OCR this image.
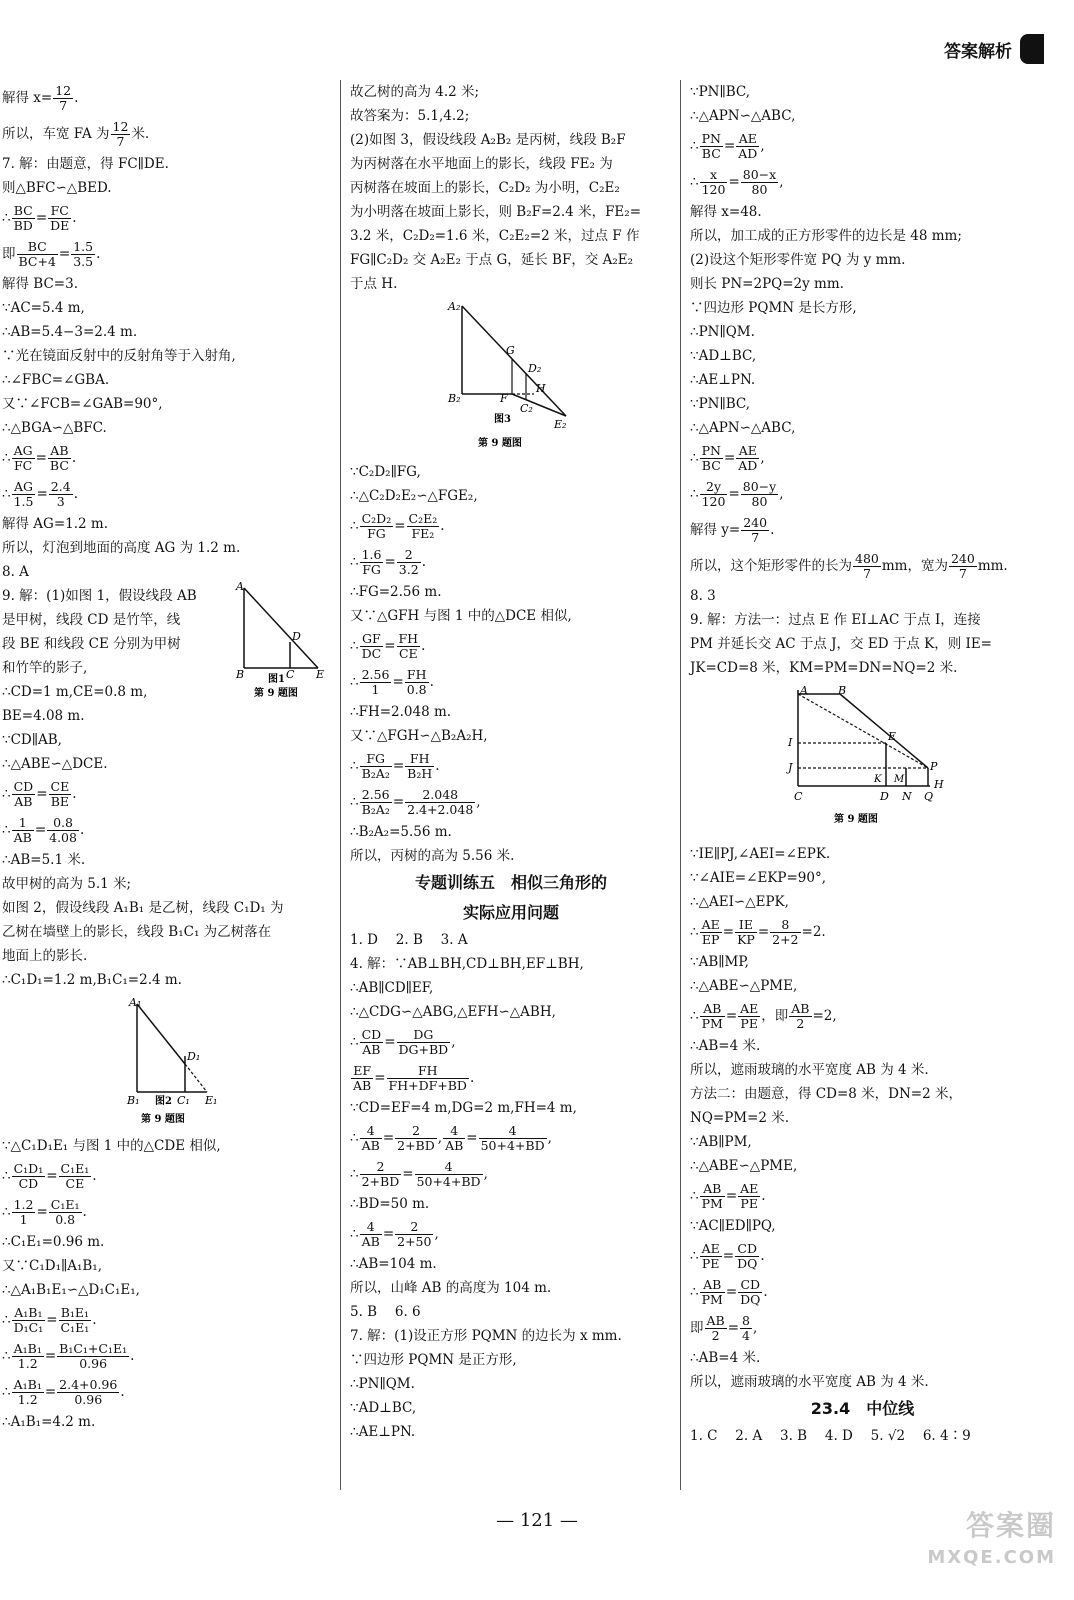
答案解析
解得 $x= \frac{12}{7}$ .
所以，车宽 FA 为 $\frac{12}{7}$ 米.
7. 解：由题意，得 FC∥DE.
则△BFC∽△BED.
∴ $\frac{BC}{BD} = \frac{FC}{DE}$ .
即 $\frac{BC}{BC+4} = \frac{1.5}{3.5}$ .
解得 BC=3.
∵AC=5.4 m,
∴AB=5.4−3=2.4 m.
∵光在镜面反射中的反射角等于入射角,
∴∠FBC=∠GBA.
又∵∠FCB=∠GAB=90°,
∴△BGA∽△BFC.
∴ $\frac{AG}{FC} = \frac{AB}{BC}$ .
∴ $\frac{AG}{1.5} = \frac{2.4}{3}$ .
解得 AG=1.2 m.
所以，灯泡到地面的高度 AG 为 1.2 m.
8. A
A
B	C
D
E
图1
第 9 题图
9. 解：(1)如图 1，假设线段 AB
是甲树，线段 CD 是竹竿，线
段 BE 和线段 CE 分别为甲树
和竹竿的影子,
∴CD=1 m,CE=0.8 m,
BE=4.08 m.
∵CD∥AB,
∴△ABE∽△DCE.
∴ $\frac{CD}{AB} = \frac{CE}{BE}$ .
∴ $\frac{1}{AB} = \frac{0.8}{4.08}$ .
∴AB=5.1 米.
故甲树的高为 5.1 米;
如图 2，假设线段 A₁B₁ 是乙树，线段 C₁D₁ 为
乙树在墙壁上的影长，线段 B₁C₁ 为乙树落在
地面上的影长.
∴C₁D₁=1.2 m,B₁C₁=2.4 m.
A₁
B₁	C₁
D₁
E₁
图2
第 9 题图
∵△C₁D₁E₁ 与图 1 中的△CDE 相似,
∴ $\frac{\text{C₁D₁}}{CD} = \frac{\text{C₁E₁}}{CE}$ .
∴ $\frac{1.2}{1} = \frac{\text{C₁E₁}}{0.8}$ .
∴C₁E₁=0.96 m.
又∵C₁D₁∥A₁B₁,
∴△A₁B₁E₁∽△D₁C₁E₁,
∴ $\frac{\text{A₁B₁}}{\text{D₁C₁}} = \frac{\text{B₁E₁}}{\text{C₁E₁}}$ .
∴ $\frac{\text{A₁B₁}}{1.2} = \frac{\text{B₁C₁+C₁E₁}}{0.96}$ .
∴ $\frac{\text{A₁B₁}}{1.2} = \frac{2.4+0.96}{0.96}$ .
∴A₁B₁=4.2 m.
故乙树的高为 4.2 米;
故答案为：5.1,4.2;
(2)如图 3，假设线段 A₂B₂ 是丙树，线段 B₂F
为丙树落在水平地面上的影长，线段 FE₂ 为
丙树落在坡面上的影长，C₂D₂ 为小明，C₂E₂
为小明落在坡面上影长，则 B₂F=2.4 米，FE₂=
3.2 米，C₂D₂=1.6 米，C₂E₂=2 米，过点 F 作
FG∥C₂D₂ 交 A₂E₂ 于点 G，延长 BF，交 A₂E₂
于点 H.
A₂
B₂	F
G
D₂
H
C₂
E₂
图3
第 9 题图
∵C₂D₂∥FG,
∴△C₂D₂E₂∽△FGE₂,
∴ $\frac{\text{C₂D₂}}{FG} = \frac{\text{C₂E₂}}{\text{FE₂}}$ .
∴ $\frac{1.6}{FG} = \frac{2}{3.2}$ .
∴FG=2.56 m.
又∵△GFH 与图 1 中的△DCE 相似,
∴ $\frac{GF}{DC} = \frac{FH}{CE}$ .
∴ $\frac{2.56}{1} = \frac{FH}{0.8}$ .
∴FH=2.048 m.
又∵△FGH∽△B₂A₂H,
∴ $\frac{FG}{\text{B₂A₂}} = \frac{FH}{\text{B₂H}}$ .
∴ $\frac{2.56}{\text{B₂A₂}} = \frac{2.048}{2.4+2.048}$ ,
∴B₂A₂=5.56 m.
所以，丙树的高为 5.56 米.
专题训练五　相似三角形的
实际应用问题
1. D　 2. B　 3. A
4. 解：∵AB⊥BH,CD⊥BH,EF⊥BH,
∴AB∥CD∥EF,
∴△CDG∽△ABG,△EFH∽△ABH,
∴ $\frac{CD}{AB} = \frac{DG}{DG+BD}$ ,
$\frac{EF}{AB} = \frac{FH}{FH+DF+BD}$ .
∵CD=EF=4 m,DG=2 m,FH=4 m,
∴ $\frac{4}{AB} = \frac{2}{2+BD}$ , $\frac{4}{AB} = \frac{4}{50+4+BD}$ ,
∴ $\frac{2}{2+BD} = \frac{4}{50+4+BD}$ ,
∴BD=50 m.
∴ $\frac{4}{AB} = \frac{2}{2+50}$ ,
∴AB=104 m.
所以，山峰 AB 的高度为 104 m.
5. B　 6. 6
7. 解：(1)设正方形 PQMN 的边长为 x mm.
∵四边形 PQMN 是正方形,
∴PN∥QM.
∵AD⊥BC,
∴AE⊥PN.
∵PN∥BC,
∴△APN∽△ABC,
∴ $\frac{PN}{BC} = \frac{AE}{AD}$ ,
∴ $\frac{x}{120} = \frac{80-x}{80}$ ,
解得 x=48.
所以，加工成的正方形零件的边长是 48 mm;
(2)设这个矩形零件宽 PQ 为 y mm.
则长 PN=2PQ=2y mm.
∵四边形 PQMN 是长方形,
∴PN∥QM.
∵AD⊥BC,
∴AE⊥PN.
∵PN∥BC,
∴△APN∽△ABC,
∴ $\frac{PN}{BC} = \frac{AE}{AD}$ ,
∴ $\frac{2y}{120} = \frac{80-y}{80}$ ,
解得 $y= \frac{240}{7}$ .
所以，这个矩形零件的长为 $\frac{480}{7}$ mm，宽为 $\frac{240}{7}$ mm.
8. 3
9. 解：方法一：过点 E 作 EI⊥AC 于点 I，连接
PM 并延长交 AC 于点 J，交 ED 于点 K，则 IE=
JK=CD=8 米，KM=PM=DN=NQ=2 米.
A	B
E
I
J
K M
P
H
C	D N Q
第 9 题图
∵IE∥PJ,∠AEI=∠EPK.
∵∠AIE=∠EKP=90°,
∴△AEI∽△EPK,
∴ $\frac{AE}{EP} = \frac{IE}{KP} = \frac{8}{2+2} =2$.
∵AB∥MP,
∴△ABE∽△PME,
∴ $\frac{AB}{PM} = \frac{AE}{PE}$ ，即 $\frac{AB}{2} =2$,
∴AB=4 米.
所以，遮雨玻璃的水平宽度 AB 为 4 米.
方法二：由题意，得 CD=8 米，DN=2 米，
NQ=PM=2 米.
∵AB∥PM,
∴△ABE∽△PME,
∴ $\frac{AB}{PM} = \frac{AE}{PE}$ .
∵AC∥ED∥PQ,
∴ $\frac{AE}{PE} = \frac{CD}{DQ}$ .
∴ $\frac{AB}{PM} = \frac{CD}{DQ}$ .
即 $\frac{AB}{2} = \frac{8}{4}$ ,
∴AB=4 米.
所以，遮雨玻璃的水平宽度 AB 为 4 米.
23.4　中位线
1. C　 2. A　 3. B　 4. D　 5. √2　 6. 4∶9
— 121 —	答案圈
MXQE.COM
